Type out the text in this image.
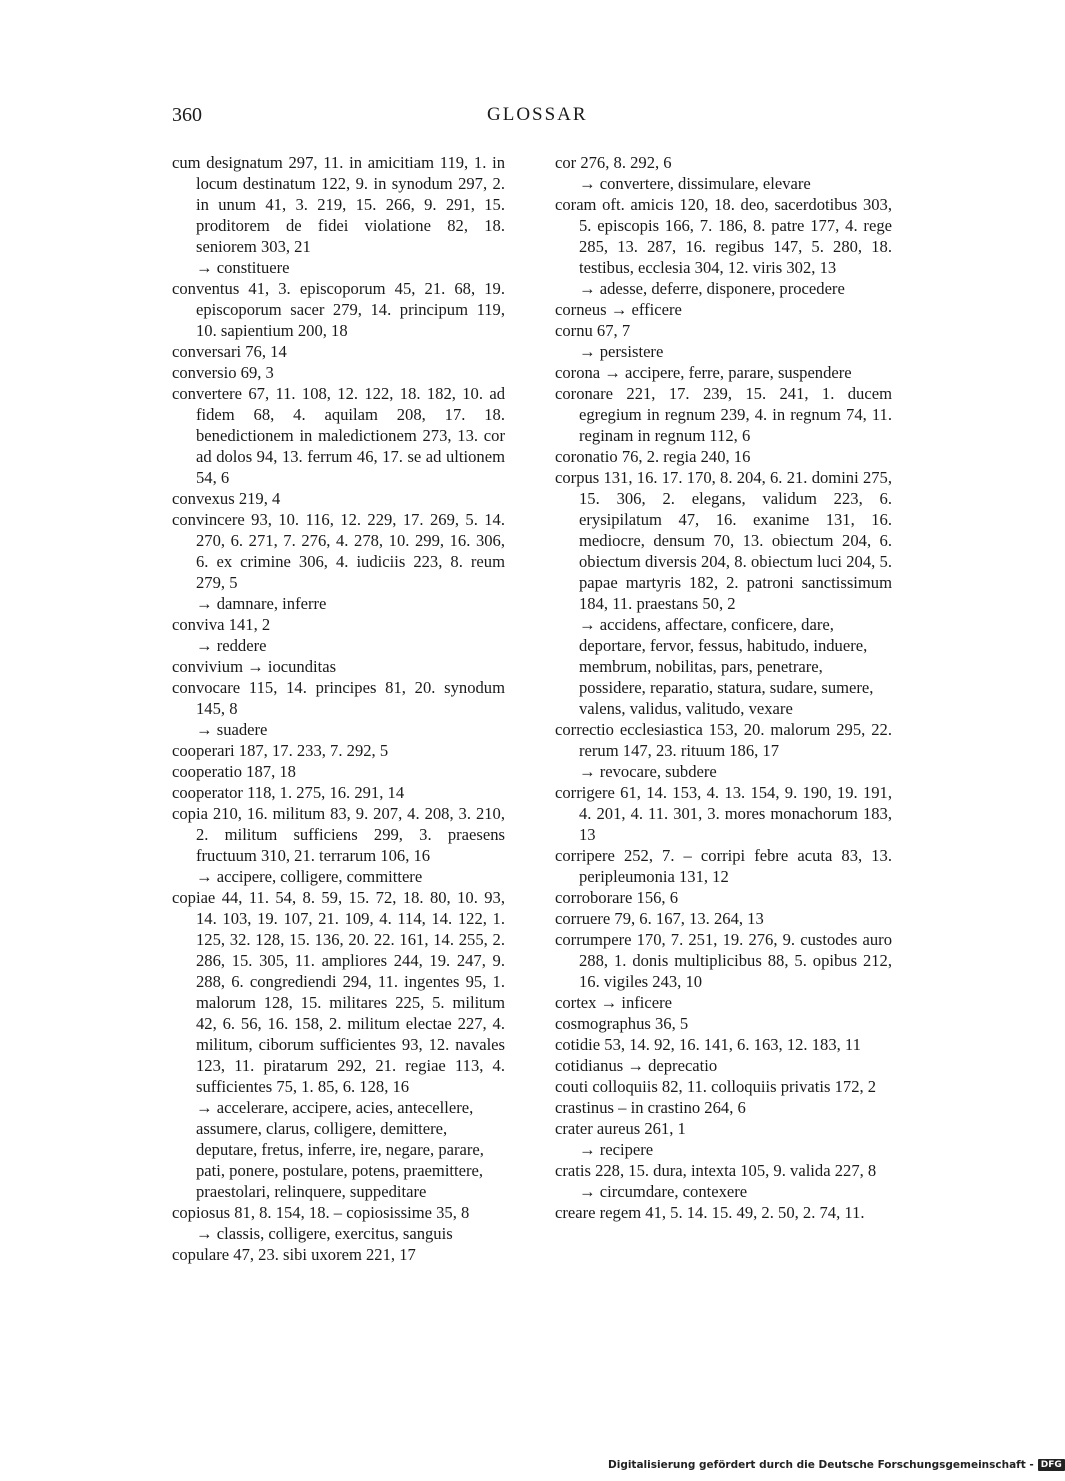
360	GLOSSAR

cum designatum 297, 11. in amicitiam 119, 1. in locum destinatum 122, 9. in synodum 297, 2. in unum 41, 3. 219, 15. 266, 9. 291, 15. proditorem de fidei violatione 82, 18. seniorem 303, 21

→ constituere

conventus 41, 3. episcoporum 45, 21. 68, 19. episcoporum sacer 279, 14. principum 119, 10. sapientium 200, 18

conversari 76, 14

conversio 69, 3

convertere 67, 11. 108, 12. 122, 18. 182, 10. ad fidem 68, 4. aquilam 208, 17. 18. benedictionem in maledictionem 273, 13. cor ad dolos 94, 13. ferrum 46, 17. se ad ultionem 54, 6

convexus 219, 4

convincere 93, 10. 116, 12. 229, 17. 269, 5. 14. 270, 6. 271, 7. 276, 4. 278, 10. 299, 16. 306, 6. ex crimine 306, 4. iudiciis 223, 8. reum 279, 5

→ damnare, inferre

conviva 141, 2

→ reddere

convivium → iocunditas

convocare 115, 14. principes 81, 20. synodum 145, 8

→ suadere

cooperari 187, 17. 233, 7. 292, 5

cooperatio 187, 18

cooperator 118, 1. 275, 16. 291, 14

copia 210, 16. militum 83, 9. 207, 4. 208, 3. 210, 2. militum sufficiens 299, 3. praesens fructuum 310, 21. terrarum 106, 16

→ accipere, colligere, committere

copiae 44, 11. 54, 8. 59, 15. 72, 18. 80, 10. 93, 14. 103, 19. 107, 21. 109, 4. 114, 14. 122, 1. 125, 32. 128, 15. 136, 20. 22. 161, 14. 255, 2. 286, 15. 305, 11. ampliores 244, 19. 247, 9. 288, 6. congrediendi 294, 11. ingentes 95, 1. malorum 128, 15. militares 225, 5. militum 42, 6. 56, 16. 158, 2. militum electae 227, 4. militum, ciborum sufficientes 93, 12. navales 123, 11. piratarum 292, 21. regiae 113, 4. sufficientes 75, 1. 85, 6. 128, 16

→ accelerare, accipere, acies, antecellere, assumere, clarus, colligere, demittere, deputare, fretus, inferre, ire, negare, parare, pati, ponere, postulare, potens, praemittere, praestolari, relinquere, suppeditare

copiosus 81, 8. 154, 18. – copiosissime 35, 8

→ classis, colligere, exercitus, sanguis

copulare 47, 23. sibi uxorem 221, 17

cor 276, 8. 292, 6

→ convertere, dissimulare, elevare

coram oft. amicis 120, 18. deo, sacerdotibus 303, 5. episcopis 166, 7. 186, 8. patre 177, 4. rege 285, 13. 287, 16. regibus 147, 5. 280, 18. testibus, ecclesia 304, 12. viris 302, 13

→ adesse, deferre, disponere, procedere

corneus → efficere

cornu 67, 7

→ persistere

corona → accipere, ferre, parare, suspendere

coronare 221, 17. 239, 15. 241, 1. ducem egregium in regnum 239, 4. in regnum 74, 11. reginam in regnum 112, 6

coronatio 76, 2. regia 240, 16

corpus 131, 16. 17. 170, 8. 204, 6. 21. domini 275, 15. 306, 2. elegans, validum 223, 6. erysipilatum 47, 16. exanime 131, 16. mediocre, densum 70, 13. obiectum 204, 6. obiectum diversis 204, 8. obiectum luci 204, 5. papae martyris 182, 2. patroni sanctissimum 184, 11. praestans 50, 2

→ accidens, affectare, conficere, dare, deportare, fervor, fessus, habitudo, induere, membrum, nobilitas, pars, penetrare, possidere, reparatio, statura, sudare, sumere, valens, validus, valitudo, vexare

correctio ecclesiastica 153, 20. malorum 295, 22. rerum 147, 23. rituum 186, 17

→ revocare, subdere

corrigere 61, 14. 153, 4. 13. 154, 9. 190, 19. 191, 4. 201, 4. 11. 301, 3. mores monachorum 183, 13

corripere 252, 7. – corripi febre acuta 83, 13. peripleumonia 131, 12

corroborare 156, 6

corruere 79, 6. 167, 13. 264, 13

corrumpere 170, 7. 251, 19. 276, 9. custodes auro 288, 1. donis multiplicibus 88, 5. opibus 212, 16. vigiles 243, 10

cortex → inficere

cosmographus 36, 5

cotidie 53, 14. 92, 16. 141, 6. 163, 12. 183, 11

cotidianus → deprecatio

couti colloquiis 82, 11. colloquiis privatis 172, 2

crastinus – in crastino 264, 6

crater aureus 261, 1

→ recipere

cratis 228, 15. dura, intexta 105, 9. valida 227, 8

→ circumdare, contexere

creare regem 41, 5. 14. 15. 49, 2. 50, 2. 74, 11.

Digitalisierung gefördert durch die Deutsche Forschungsgemeinschaft - DFG
